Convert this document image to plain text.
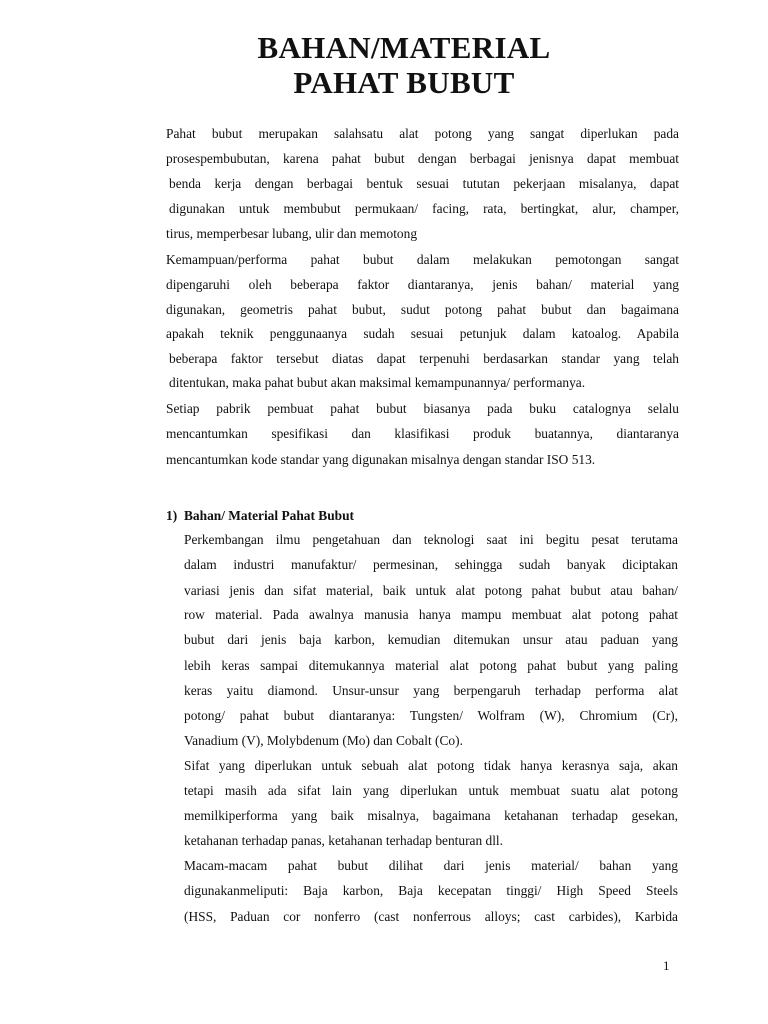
BAHAN/MATERIAL
PAHAT BUBUT
Pahat bubut merupakan salahsatu alat potong yang sangat diperlukan pada
prosespembubutan, karena pahat bubut dengan berbagai jenisnya dapat membuat
benda kerja dengan berbagai bentuk sesuai tututan pekerjaan misalanya, dapat
digunakan untuk membubut permukaan/ facing, rata, bertingkat, alur, champer,
tirus, memperbesar lubang, ulir dan memotong
Kemampuan/performa pahat bubut dalam melakukan pemotongan sangat
dipengaruhi oleh beberapa faktor diantaranya, jenis bahan/ material yang
digunakan, geometris pahat bubut, sudut potong pahat bubut dan bagaimana
apakah teknik penggunaanya sudah sesuai petunjuk dalam katoalog. Apabila
beberapa faktor tersebut diatas dapat terpenuhi berdasarkan standar yang telah
ditentukan, maka pahat bubut akan maksimal kemampunannya/ performanya.
Setiap pabrik pembuat pahat bubut biasanya pada buku catalognya selalu
mencantumkan spesifikasi dan klasifikasi produk buatannya, diantaranya
mencantumkan kode standar yang digunakan misalnya dengan standar ISO 513.
1) Bahan/ Material Pahat Bubut
Perkembangan ilmu pengetahuan dan teknologi saat ini begitu pesat terutama
dalam industri manufaktur/ permesinan, sehingga sudah banyak diciptakan
variasi jenis dan sifat material, baik untuk alat potong pahat bubut atau bahan/
row material. Pada awalnya manusia hanya mampu membuat alat potong pahat
bubut dari jenis baja karbon, kemudian ditemukan unsur atau paduan yang
lebih keras sampai ditemukannya material alat potong pahat bubut yang paling
keras yaitu diamond. Unsur-unsur yang berpengaruh terhadap performa alat
potong/ pahat bubut diantaranya: Tungsten/ Wolfram (W), Chromium (Cr),
Vanadium (V), Molybdenum (Mo) dan Cobalt (Co).
Sifat yang diperlukan untuk sebuah alat potong tidak hanya kerasnya saja, akan
tetapi masih ada sifat lain yang diperlukan untuk membuat suatu alat potong
memilkiperforma yang baik misalnya, bagaimana ketahanan terhadap gesekan,
ketahanan terhadap panas, ketahanan terhadap benturan dll.
Macam-macam pahat bubut dilihat dari jenis material/ bahan yang
digunakanmeliputi: Baja karbon, Baja kecepatan tinggi/ High Speed Steels
(HSS, Paduan cor nonferro (cast nonferrous alloys; cast carbides), Karbida
1
